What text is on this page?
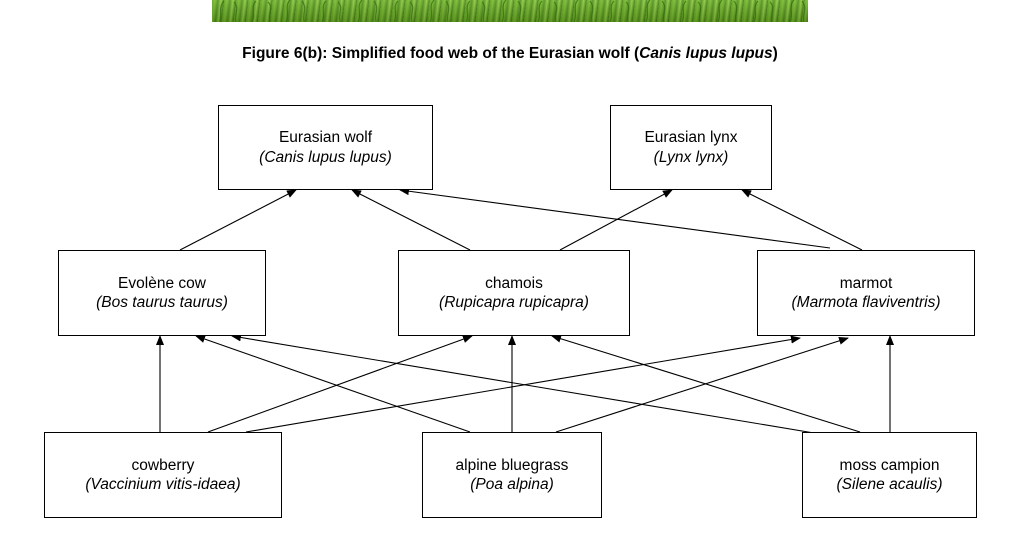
Figure 6(b): Simplified food web of the Eurasian wolf (Canis lupus lupus)
Eurasian wolf
(Canis lupus lupus)
Eurasian lynx
(Lynx lynx)
Evolène cow
(Bos taurus taurus)
chamois
(Rupicapra rupicapra)
marmot
(Marmota flaviventris)
cowberry
(Vaccinium vitis-idaea)
alpine bluegrass
(Poa alpina)
moss campion
(Silene acaulis)
